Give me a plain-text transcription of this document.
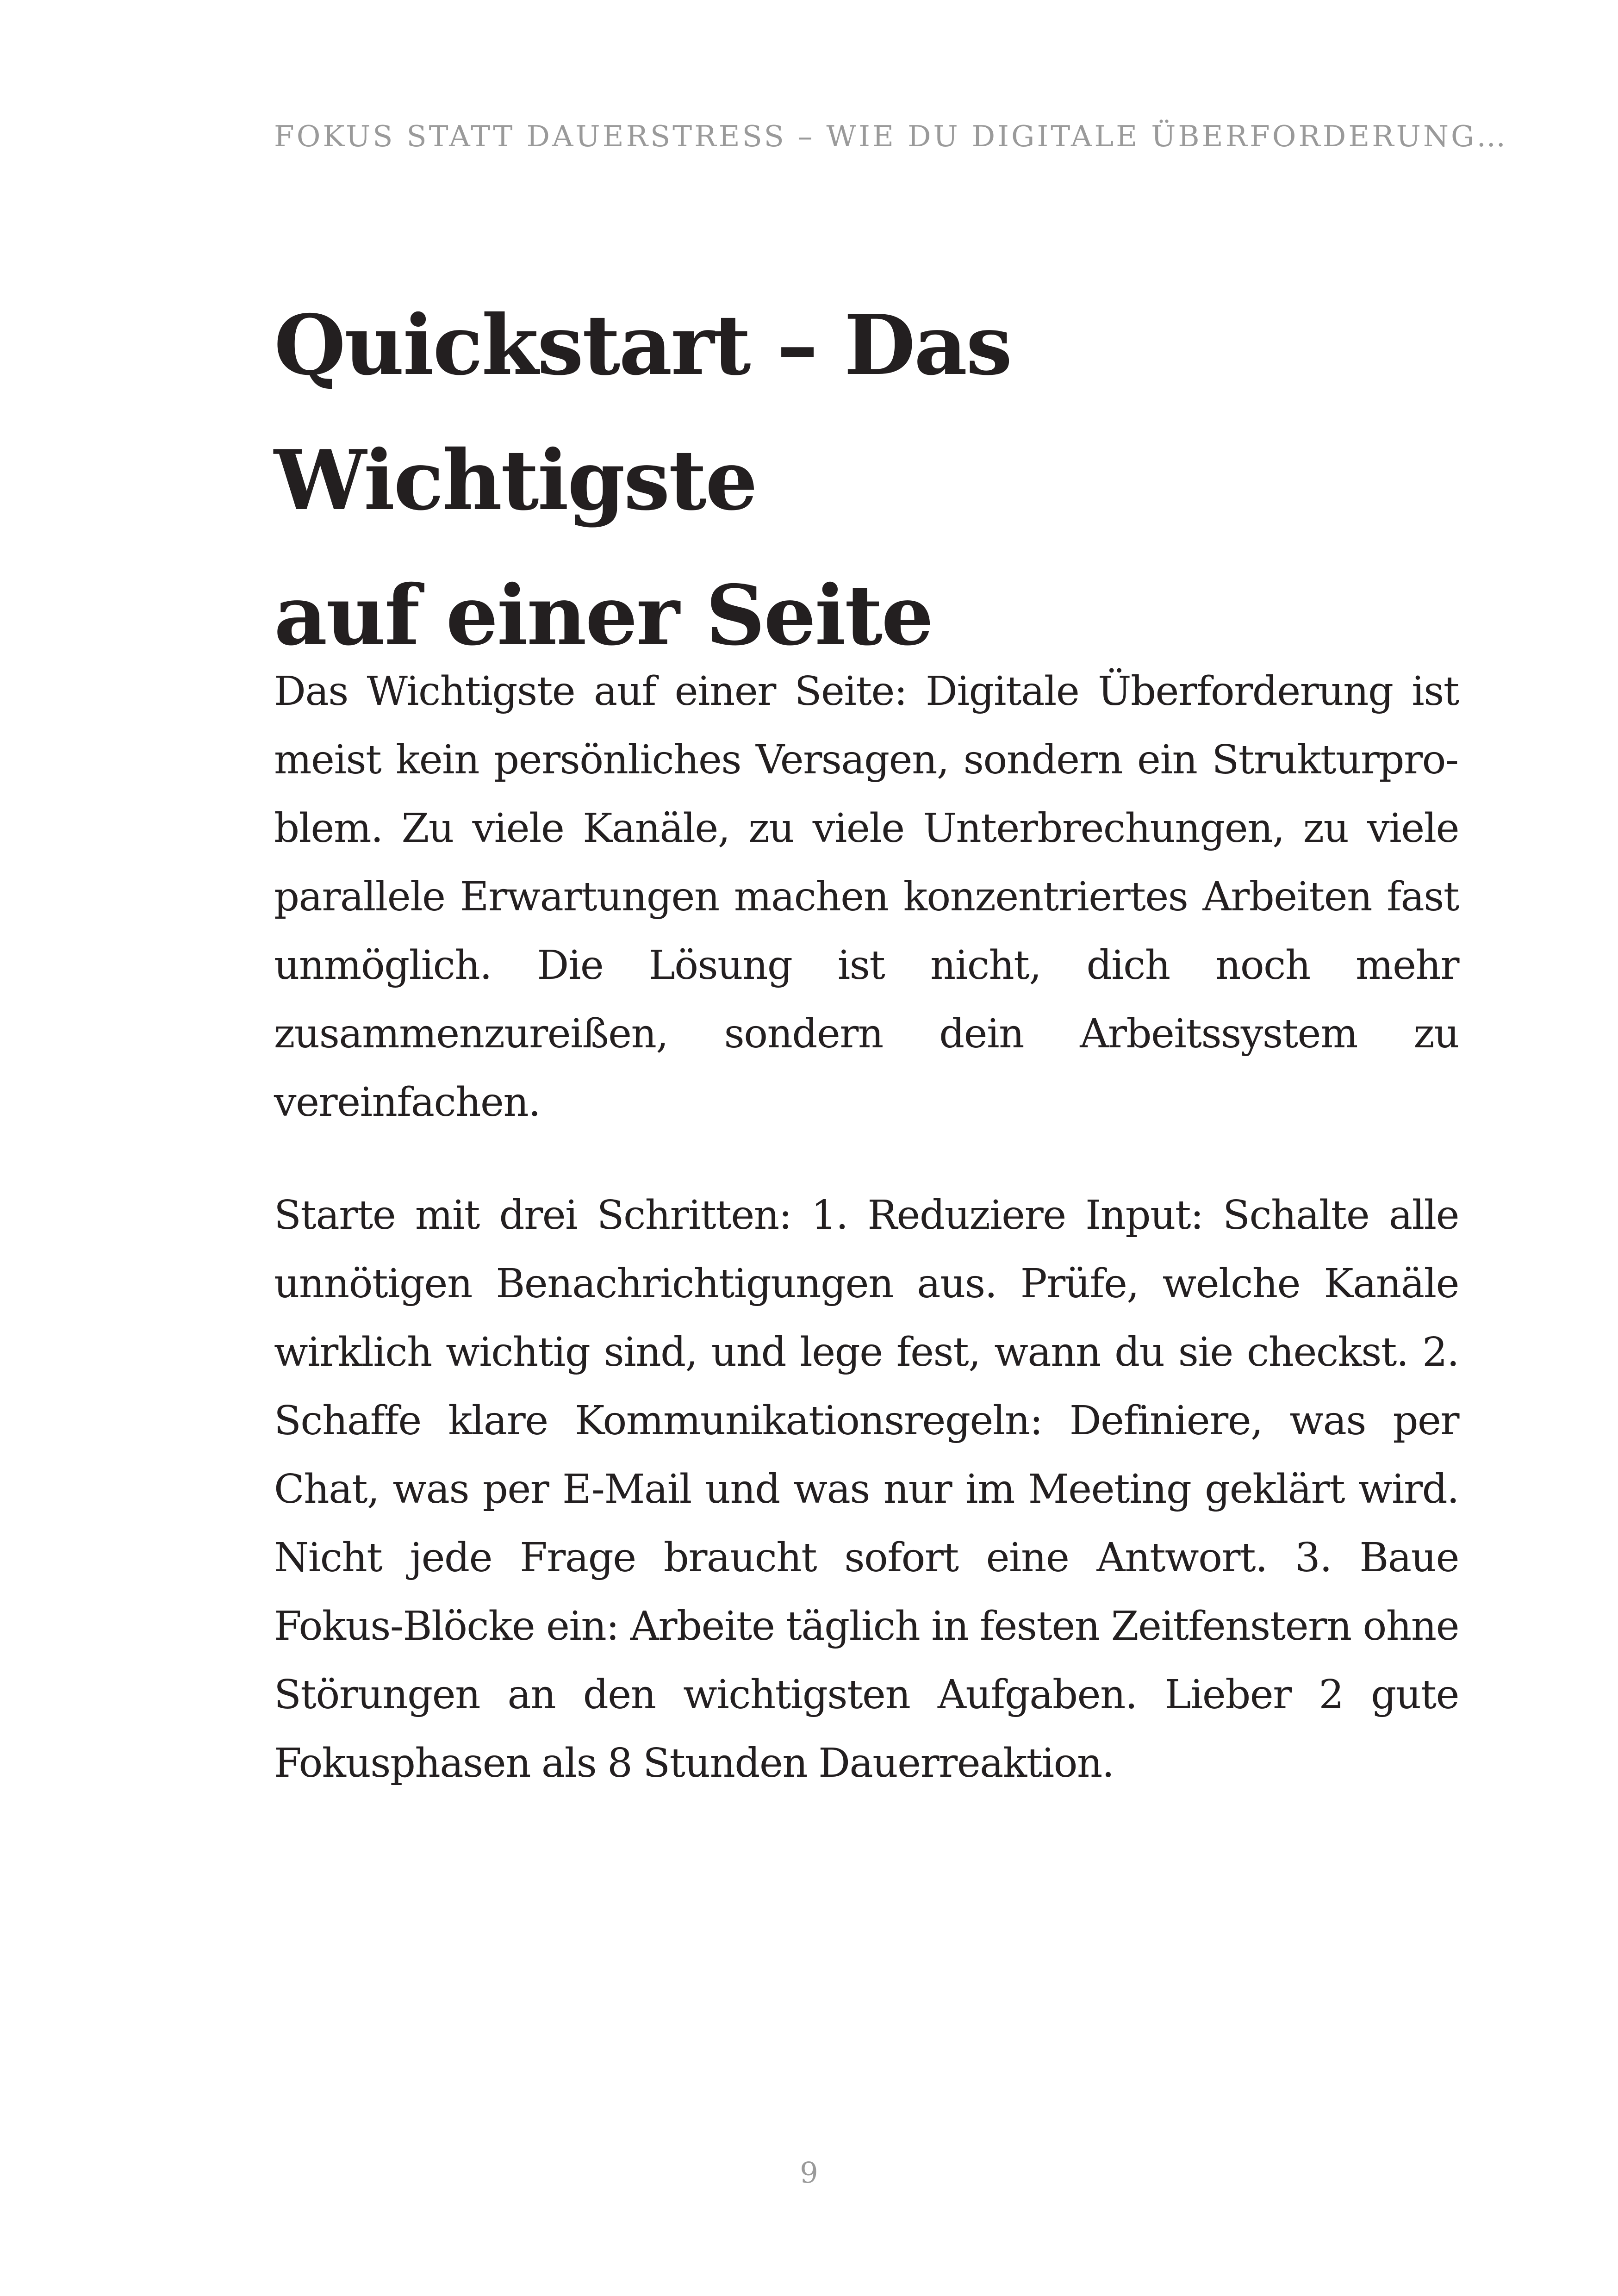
FOKUS STATT DAUERSTRESS – WIE DU DIGITALE ÜBERFORDERUNG…
Quickstart – Das Wichtigste
auf einer Seite

Das Wichtigste auf einer Seite: Digitale Überforderung ist meist kein persönliches Versagen, sondern ein Strukturproblem. Zu viele Kanäle, zu viele Unterbrechungen, zu viele parallele Erwartungen machen konzentriertes Arbeiten fast unmöglich. Die Lösung ist nicht, dich noch mehr zusammenzureißen, sondern dein Arbeitssystem zu vereinfachen.

Starte mit drei Schritten: 1. Reduziere Input: Schalte alle unnötigen Benachrichtigungen aus. Prüfe, welche Kanäle wirklich wichtig sind, und lege fest, wann du sie checkst. 2. Schaffe klare Kommunikationsregeln: Definiere, was per Chat, was per E-Mail und was nur im Meeting geklärt wird. Nicht jede Frage braucht sofort eine Antwort. 3. Baue Fokus-Blöcke ein: Arbeite täglich in festen Zeitfenstern ohne Störungen an den wichtigsten Aufgaben. Lieber 2 gute Fokusphasen als 8 Stunden Dauerreaktion.

9
